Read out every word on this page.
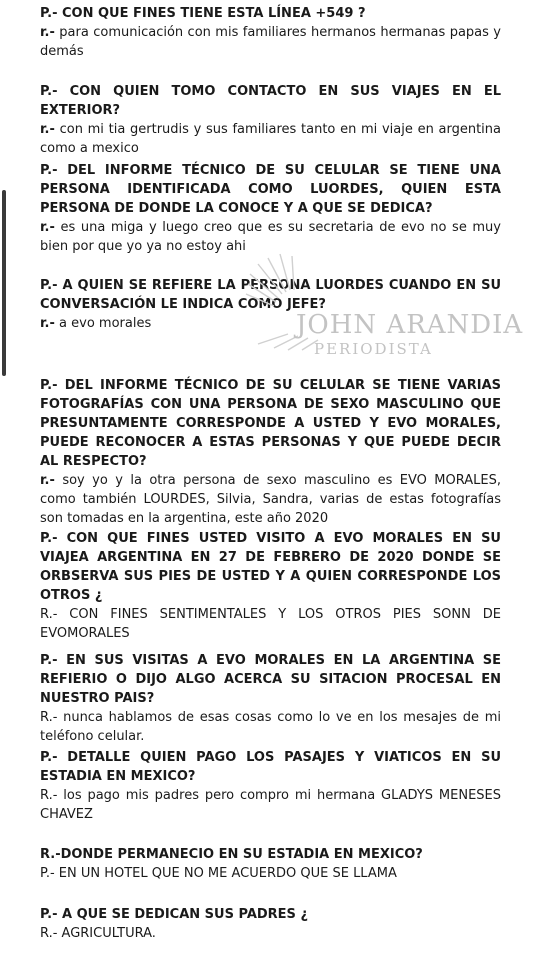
P.- CON QUE FINES TIENE ESTA LÍNEA +549 ?

r.- para comunicación con mis familiares hermanos hermanas papas y demás

P.- CON QUIEN TOMO CONTACTO EN SUS VIAJES EN EL EXTERIOR?

r.- con mi tia gertrudis y sus familiares tanto en mi viaje en argentina como a mexico

P.- DEL INFORME TÉCNICO DE SU CELULAR SE TIENE UNA PERSONA IDENTIFICADA COMO LUORDES, QUIEN ESTA PERSONA DE DONDE LA CONOCE Y A QUE SE DEDICA?

r.- es una miga y luego creo que es su secretaria de evo no se muy bien por que yo ya no estoy ahi

P.- A QUIEN SE REFIERE LA PERSONA LUORDES CUANDO EN SU CONVERSACIÓN LE INDICA COMO JEFE?

r.- a evo morales	JOHN ARANDIA
PERIODISTA

P.- DEL INFORME TÉCNICO DE SU CELULAR SE TIENE VARIAS FOTOGRAFÍAS CON UNA PERSONA DE SEXO MASCULINO QUE PRESUNTAMENTE CORRESPONDE A USTED Y EVO MORALES, PUEDE RECONOCER A ESTAS PERSONAS Y QUE PUEDE DECIR AL RESPECTO?

r.- soy yo y la otra persona de sexo masculino es EVO MORALES, como también LOURDES, Silvia, Sandra, varias de estas fotografías son tomadas en la argentina, este año 2020

P.- CON QUE FINES USTED VISITO A EVO MORALES EN SU VIAJEA ARGENTINA EN 27 DE FEBRERO DE 2020 DONDE SE ORBSERVA SUS PIES DE USTED Y A QUIEN CORRESPONDE LOS OTROS ¿

R.- CON FINES SENTIMENTALES Y LOS OTROS PIES SONN DE EVOMORALES

P.- EN SUS VISITAS A EVO MORALES EN LA ARGENTINA SE REFIERIO O DIJO ALGO ACERCA SU SITACION PROCESAL EN NUESTRO PAIS?

R.- nunca hablamos de esas cosas como lo ve en los mesajes de mi teléfono celular.

P.- DETALLE QUIEN PAGO LOS PASAJES Y VIATICOS EN SU ESTADIA EN MEXICO?

R.- los pago mis padres pero compro mi hermana GLADYS MENESES CHAVEZ

R.-DONDE PERMANECIO EN SU ESTADIA EN MEXICO?

P.- EN UN HOTEL QUE NO ME ACUERDO QUE SE LLAMA

P.- A QUE SE DEDICAN SUS PADRES ¿

R.- AGRICULTURA.
